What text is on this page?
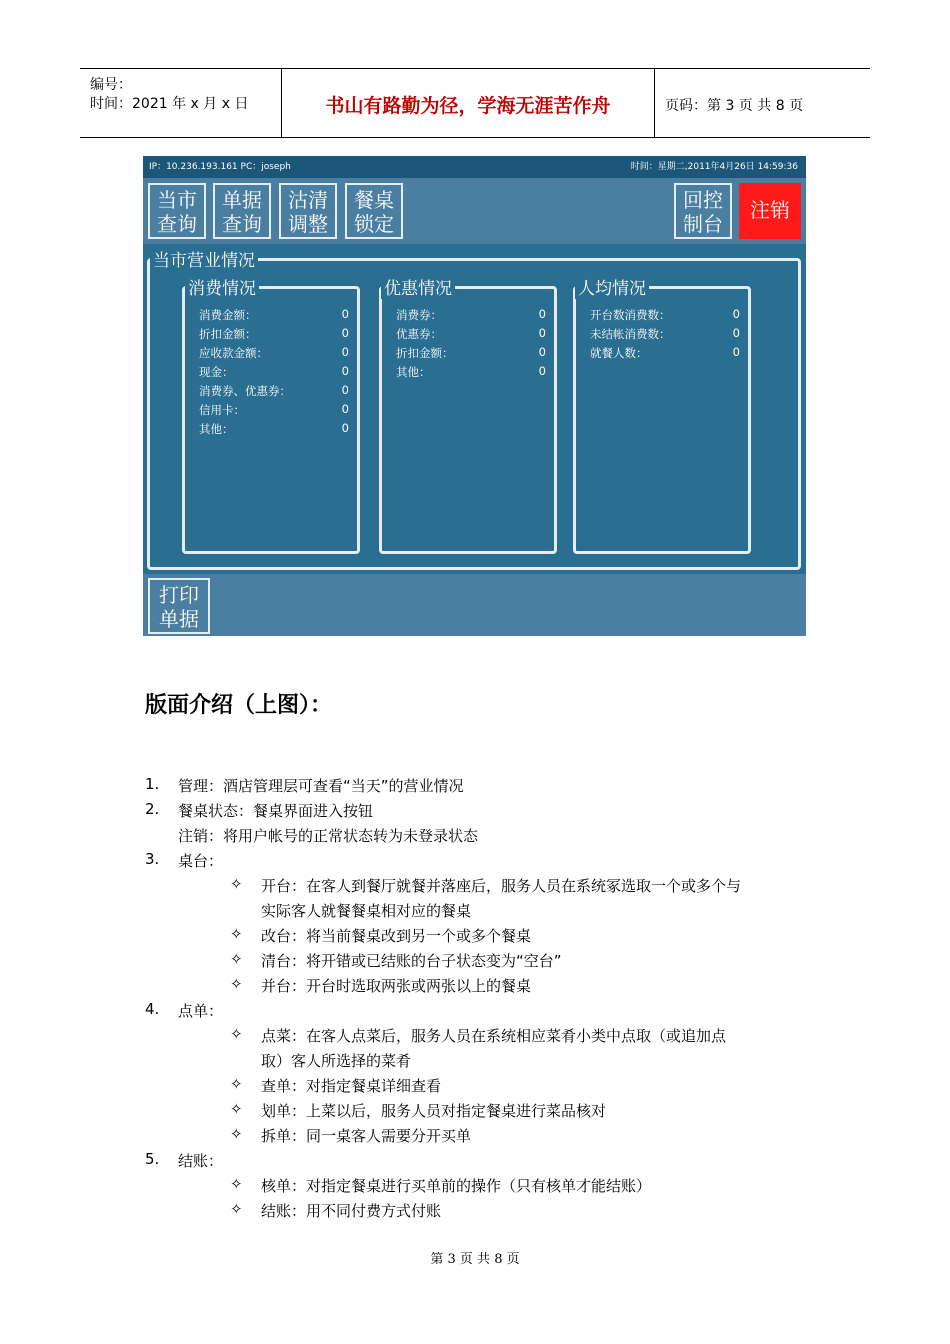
编号：
时间：2021 年 x 月 x 日	书山有路勤为径，学海无涯苦作舟	页码：第 3 页 共 8 页
IP：10.236.193.161 PC：joseph	时间：星期二,2011年4月26日 14:59:36
当市
查询
单据
查询
沽清
调整
餐桌
锁定
回控
制台
注销
当市营业情况
消费金额：	0
折扣金额：	0
应收款金额：	0
现金：	0
消费券、优惠券：	0
信用卡：	0
其他：	0
消费情况
消费券：	0
优惠券：	0
折扣金额：	0
其他：	0
优惠情况
开台数消费数：	0
未结帐消费数：	0
就餐人数：	0
人均情况
打印
单据
版面介绍（上图）：
1. 管理：酒店管理层可查看“当天”的营业情况
2. 餐桌状态：餐桌界面进入按钮
注销：将用户帐号的正常状态转为未登录状态
3. 桌台：
✧ 开台：在客人到餐厅就餐并落座后，服务人员在系统冢选取一个或多个与
实际客人就餐餐桌相对应的餐桌
✧ 改台：将当前餐桌改到另一个或多个餐桌
✧ 清台：将开错或已结账的台子状态变为“空台”
✧ 并台：开台时选取两张或两张以上的餐桌
4. 点单：
✧ 点菜：在客人点菜后，服务人员在系统相应菜肴小类中点取（或追加点
取）客人所选择的菜肴
✧ 查单：对指定餐桌详细查看
✧ 划单：上菜以后，服务人员对指定餐桌进行菜品核对
✧ 拆单：同一桌客人需要分开买单
5. 结账：
✧ 核单：对指定餐桌进行买单前的操作（只有核单才能结账）
✧ 结账：用不同付费方式付账
第 3 页 共 8 页
